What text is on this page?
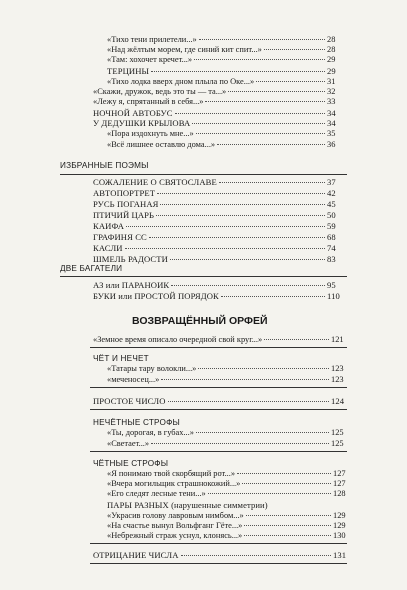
«Тихо тени прилетели...»	28
«Над жёлтым морем, где синий кит спит...»	28
«Там: хохочет кречет...»	29
ТЕРЦИНЫ	29
«Тихо лодка вверх дном плыла по Оке...»	31
«Скажи, дружок, ведь это ты — та...»	32
«Лежу я, спрятанный в себя...»	33
НОЧНОЙ АВТОБУС	34
У ДЕДУШКИ КРЫЛОВА	34
«Пора издохнуть мне...»	35
«Всё лишнее оставлю дома...»	36
ИЗБРАННЫЕ ПОЭМЫ
СОЖАЛЕНИЕ О СВЯТОСЛАВЕ	37
АВТОПОРТРЕТ	42
РУСЬ ПОГАНАЯ	45
ПТИЧИЙ ЦАРЬ	50
КАИФА	59
ГРАФИНЯ СС	68
КАСЛИ	74
ШМЕЛЬ РАДОСТИ	83
ДВЕ БАГАТЕЛИ
АЗ или ПАРАНОИК	95
БУКИ или ПРОСТОЙ ПОРЯДОК	110
ВОЗВРАЩЁННЫЙ ОРФЕЙ
«Земное время описало очередной свой круг...»	121
ЧЁТ И НЕЧЕТ
«Татары тару волокли...»	123
«меченосец...»	123
ПРОСТОЕ ЧИСЛО	124
НЕЧЁТНЫЕ СТРОФЫ
«Ты, дорогая, в губах...»	125
«Светает...»	125
ЧЁТНЫЕ СТРОФЫ
«Я понимаю твой скорбящий рот...»	127
«Вчера могильщик страшнокожий...»	127
«Его следят лесные тени...»	128
ПАРЫ РАЗНЫХ (нарушенные симметрии)
«Украсив голову лавровым нимбом...»	129
«На счастье вынул Вольфганг Гёте...»	129
«Небрежный страж уснул, клонясь...»	130
ОТРИЦАНИЕ ЧИСЛА	131
